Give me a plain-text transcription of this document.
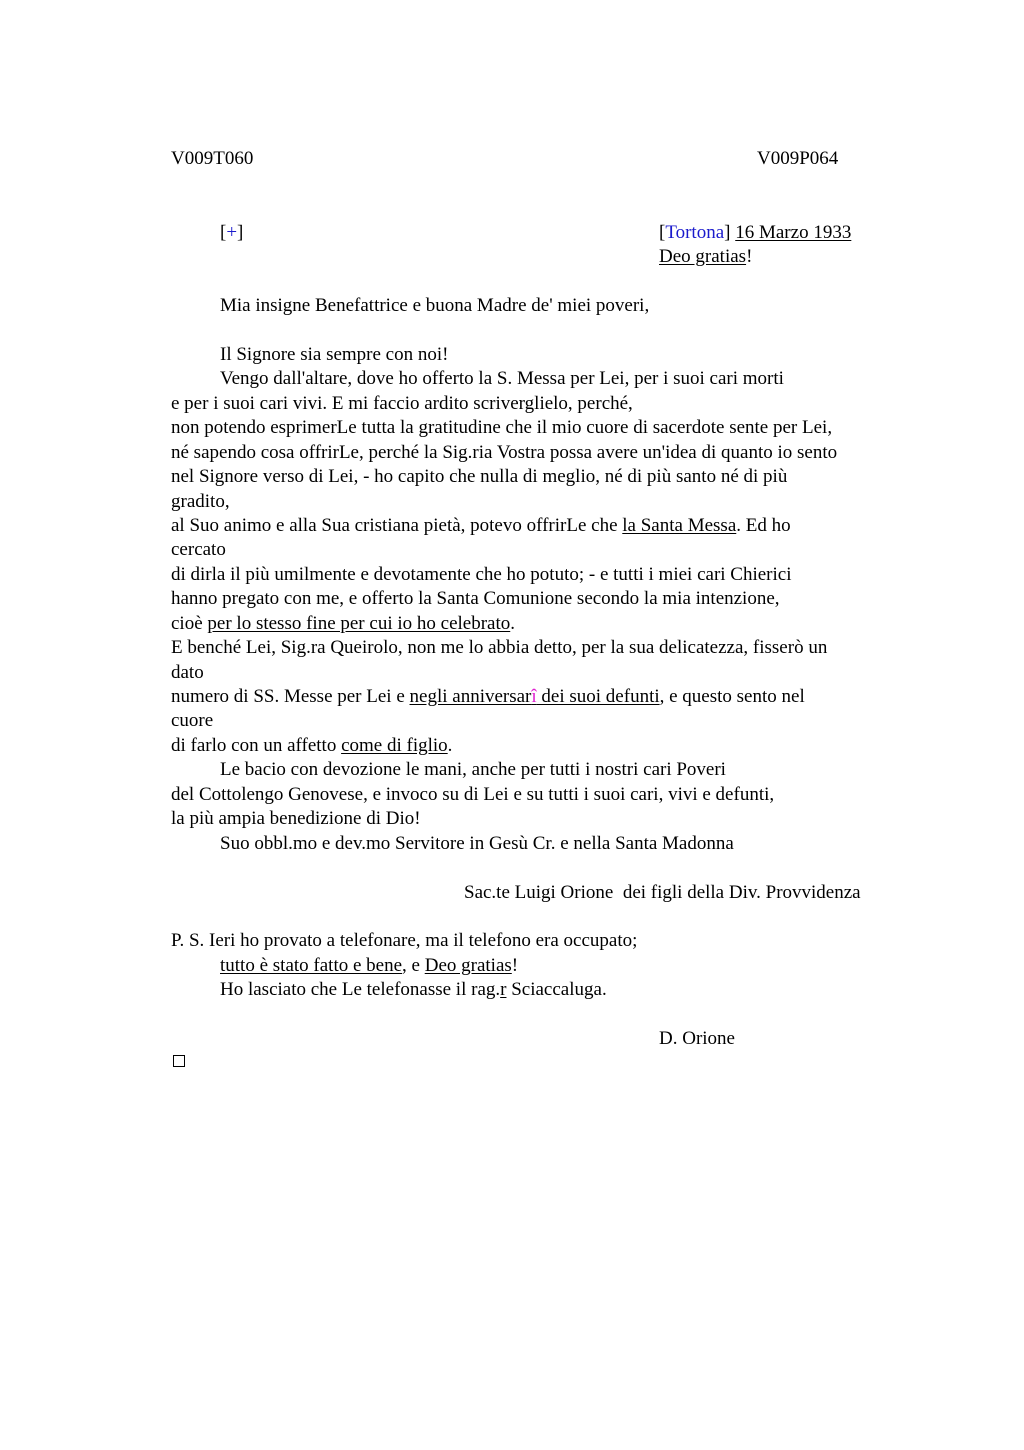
V009T060	V009P064
[+]	[Tortona] 16 Marzo 1933
Deo gratias!
Mia insigne Benefattrice e buona Madre de' miei poveri,
Il Signore sia sempre con noi!
Vengo dall'altare, dove ho offerto la S. Messa per Lei, per i suoi cari morti
e per i suoi cari vivi. E mi faccio ardito scriverglielo, perché,
non potendo esprimerLe tutta la gratitudine che il mio cuore di sacerdote sente per Lei,
né sapendo cosa offrirLe, perché la Sig.ria Vostra possa avere un'idea di quanto io sento
nel Signore verso di Lei, - ho capito che nulla di meglio, né di più santo né di più
gradito,
al Suo animo e alla Sua cristiana pietà, potevo offrirLe che la Santa Messa. Ed ho
cercato
di dirla il più umilmente e devotamente che ho potuto; - e tutti i miei cari Chierici
hanno pregato con me, e offerto la Santa Comunione secondo la mia intenzione,
cioè per lo stesso fine per cui io ho celebrato.
E benché Lei, Sig.ra Queirolo, non me lo abbia detto, per la sua delicatezza, fisserò un
dato
numero di SS. Messe per Lei e negli anniversarî dei suoi defunti, e questo sento nel
cuore
di farlo con un affetto come di figlio.
Le bacio con devozione le mani, anche per tutti i nostri cari Poveri
del Cottolengo Genovese, e invoco su di Lei e su tutti i suoi cari, vivi e defunti,
la più ampia benedizione di Dio!
Suo obbl.mo e dev.mo Servitore in Gesù Cr. e nella Santa Madonna
Sac.te Luigi Orione  dei figli della Div. Provvidenza
P. S. Ieri ho provato a telefonare, ma il telefono era occupato;
tutto è stato fatto e bene, e Deo gratias!
Ho lasciato che Le telefonasse il rag.r Sciaccaluga.
D. Orione
